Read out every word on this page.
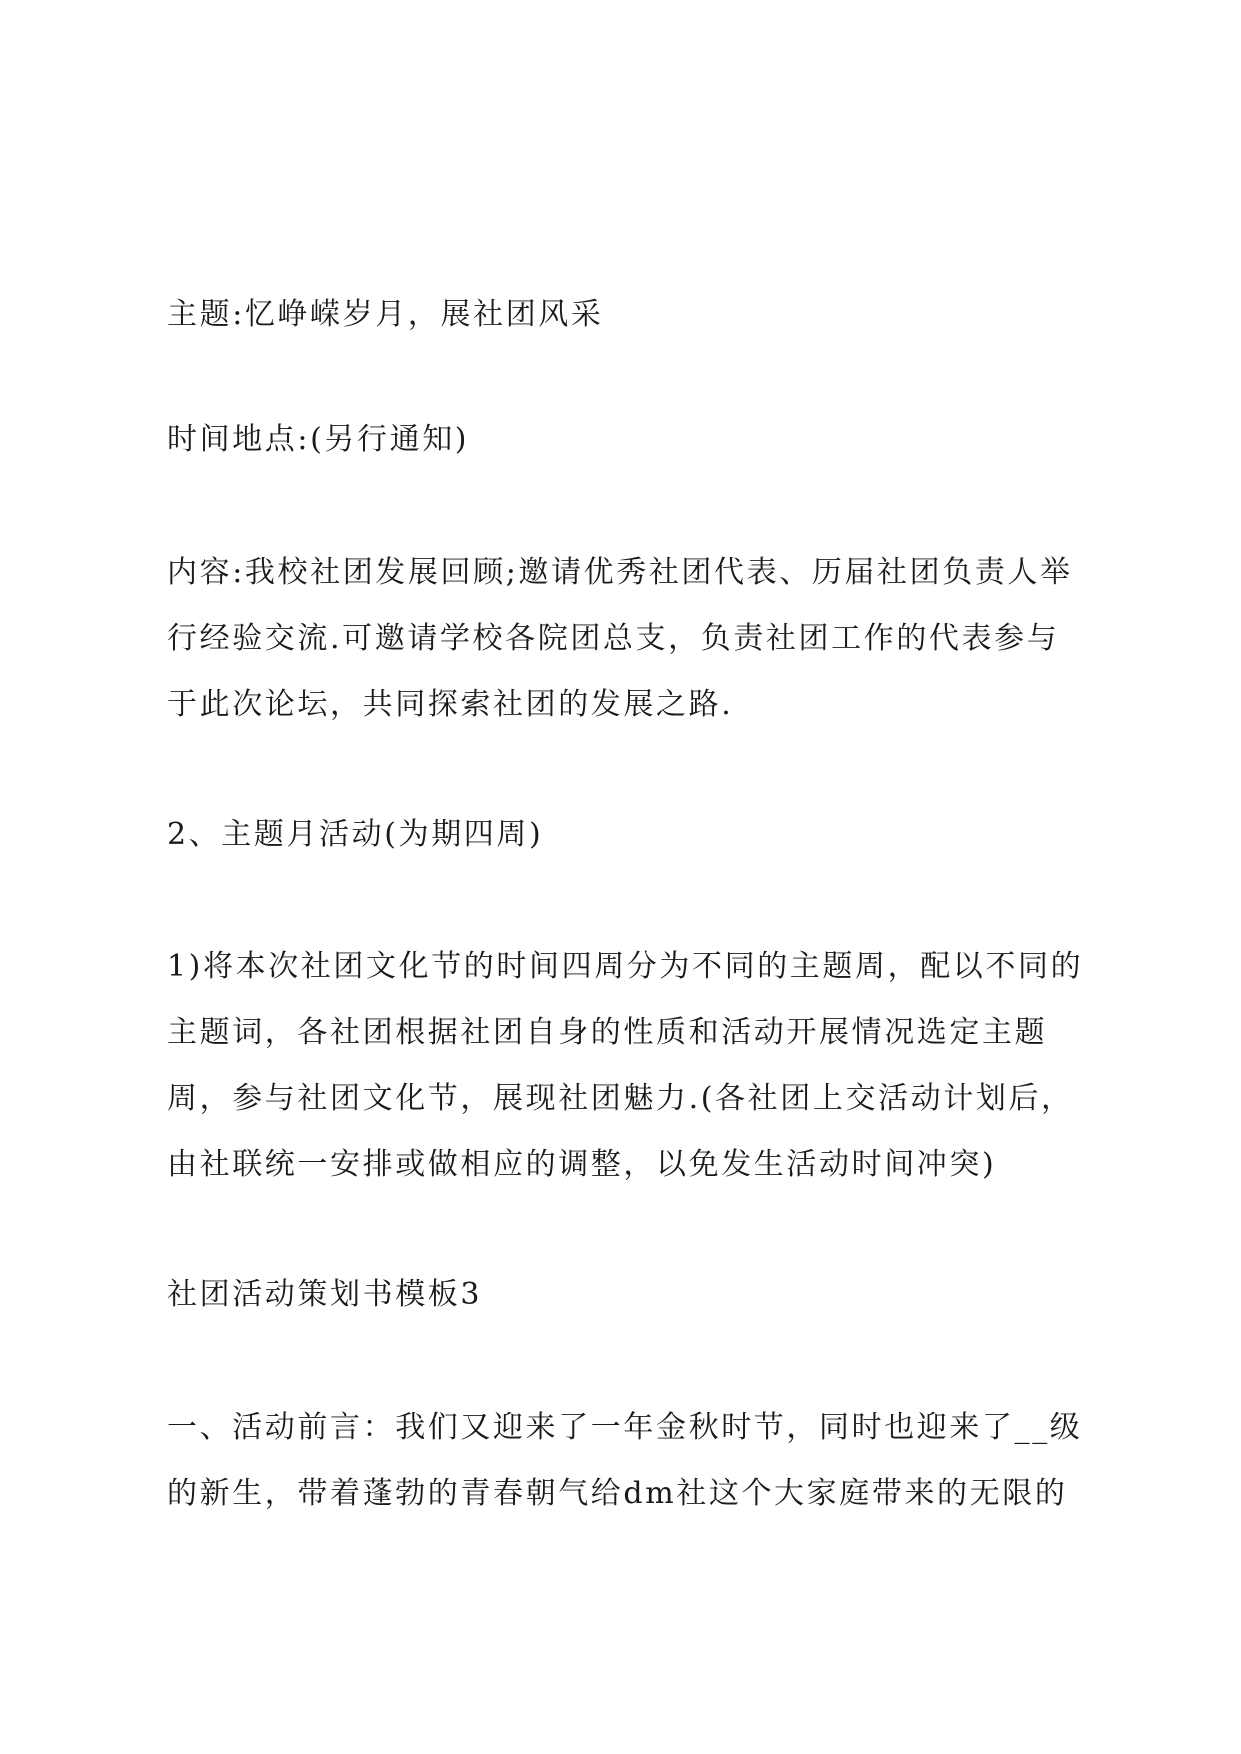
主题:忆峥嵘岁月，展社团风采
时间地点:(另行通知)
内容:我校社团发展回顾;邀请优秀社团代表、历届社团负责人举
行经验交流.可邀请学校各院团总支，负责社团工作的代表参与
于此次论坛，共同探索社团的发展之路.
2、主题月活动(为期四周)
1)将本次社团文化节的时间四周分为不同的主题周，配以不同的
主题词，各社团根据社团自身的性质和活动开展情况选定主题
周，参与社团文化节，展现社团魅力.(各社团上交活动计划后，
由社联统一安排或做相应的调整，以免发生活动时间冲突)
社团活动策划书模板3
一、活动前言：我们又迎来了一年金秋时节，同时也迎来了__级
的新生，带着蓬勃的青春朝气给dm社这个大家庭带来的无限的
